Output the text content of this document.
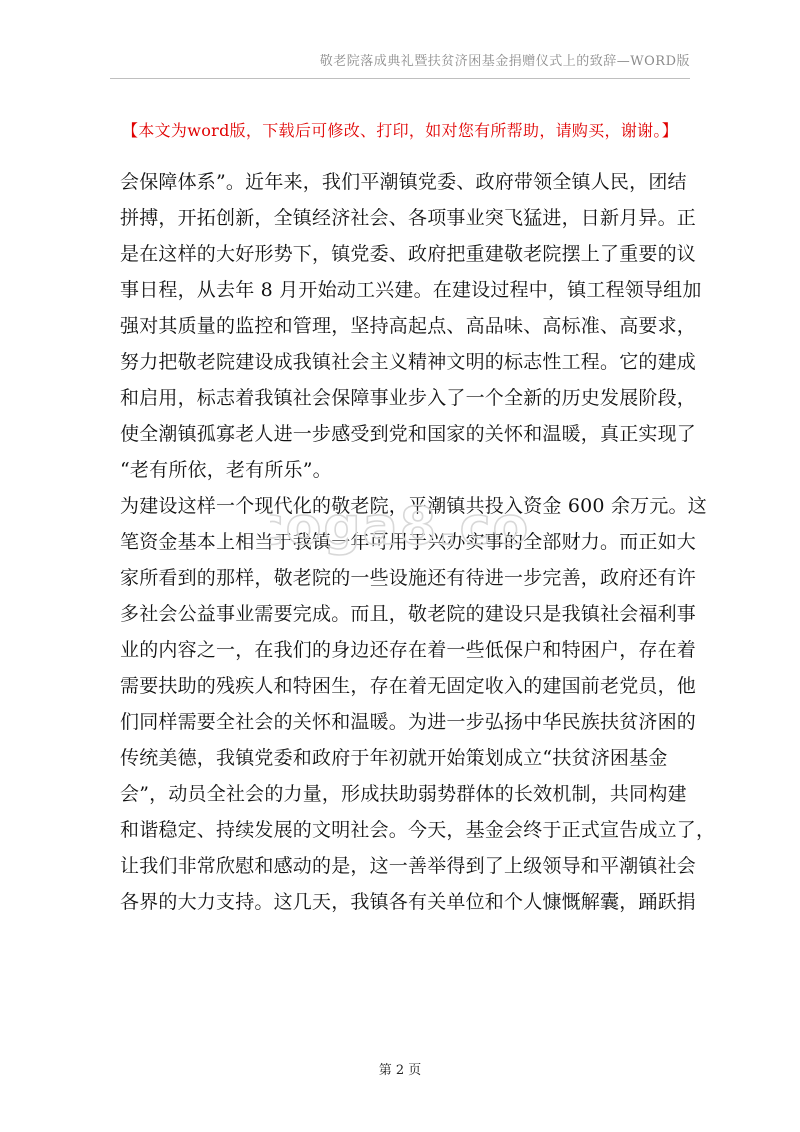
敬老院落成典礼暨扶贫济困基金捐赠仪式上的致辞—WORD版
【本文为word版，下载后可修改、打印，如对您有所帮助，请购买，谢谢。】
会保障体系”。近年来，我们平潮镇党委、政府带领全镇人民，团结
拼搏，开拓创新，全镇经济社会、各项事业突飞猛进，日新月异。正
是在这样的大好形势下，镇党委、政府把重建敬老院摆上了重要的议
事日程，从去年 8 月开始动工兴建。在建设过程中，镇工程领导组加
强对其质量的监控和管理，坚持高起点、高品味、高标准、高要求，
努力把敬老院建设成我镇社会主义精神文明的标志性工程。它的建成
和启用，标志着我镇社会保障事业步入了一个全新的历史发展阶段，
使全潮镇孤寡老人进一步感受到党和国家的关怀和温暖，真正实现了
“老有所依，老有所乐”。
为建设这样一个现代化的敬老院，平潮镇共投入资金 600 余万元。这
笔资金基本上相当于我镇一年可用于兴办实事的全部财力。而正如大
家所看到的那样，敬老院的一些设施还有待进一步完善，政府还有许
多社会公益事业需要完成。而且，敬老院的建设只是我镇社会福利事
业的内容之一，在我们的身边还存在着一些低保户和特困户，存在着
需要扶助的残疾人和特困生，存在着无固定收入的建国前老党员，他
们同样需要全社会的关怀和温暖。为进一步弘扬中华民族扶贫济困的
传统美德，我镇党委和政府于年初就开始策划成立“扶贫济困基金
会”，动员全社会的力量，形成扶助弱势群体的长效机制，共同构建
和谐稳定、持续发展的文明社会。今天，基金会终于正式宣告成立了，
让我们非常欣慰和感动的是，这一善举得到了上级领导和平潮镇社会
各界的大力支持。这几天，我镇各有关单位和个人慷慨解囊，踊跃捐
oga8.co
第 2 页
